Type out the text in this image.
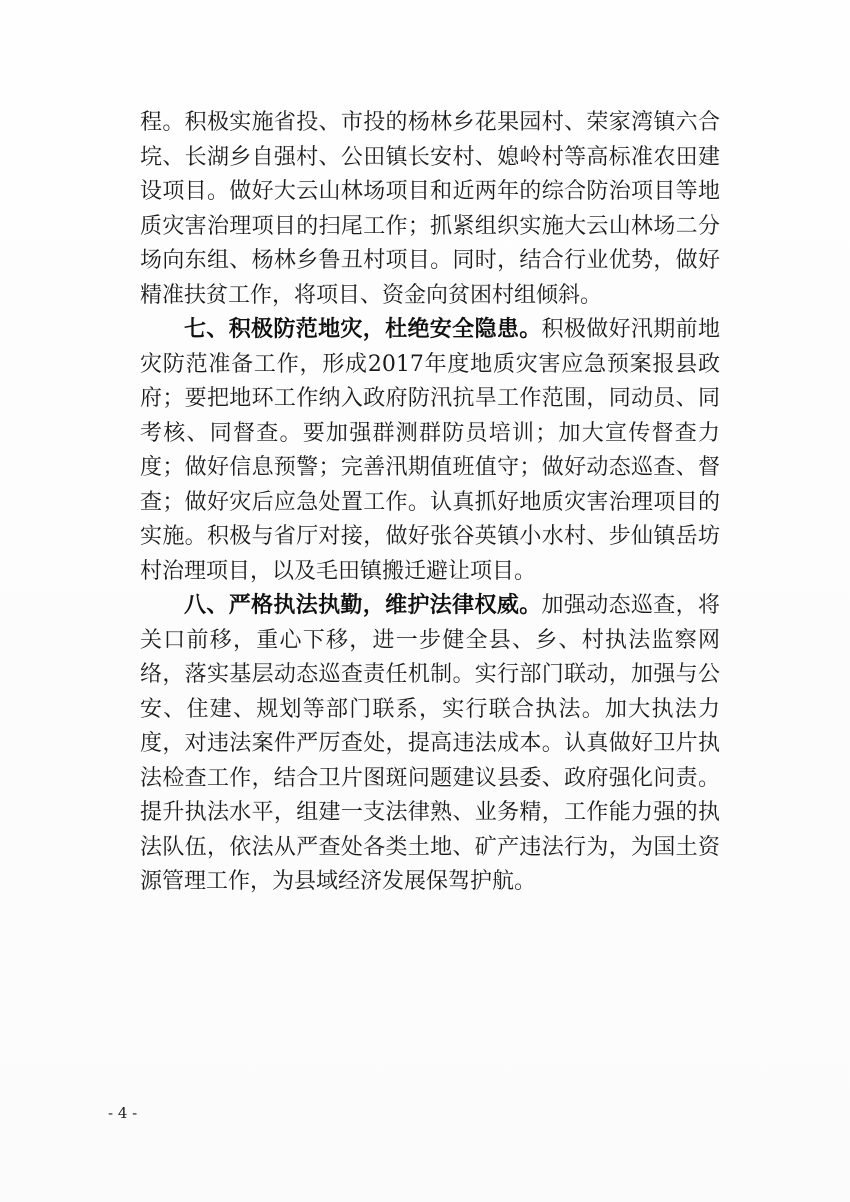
程。积极实施省投、市投的杨林乡花果园村、荣家湾镇六合垸、长湖乡自强村、公田镇长安村、媳岭村等高标准农田建设项目。做好大云山林场项目和近两年的综合防治项目等地质灾害治理项目的扫尾工作；抓紧组织实施大云山林场二分场向东组、杨林乡鲁丑村项目。同时，结合行业优势，做好精准扶贫工作，将项目、资金向贫困村组倾斜。

七、积极防范地灾，杜绝安全隐患。积极做好汛期前地灾防范准备工作，形成2017年度地质灾害应急预案报县政府；要把地环工作纳入政府防汛抗旱工作范围，同动员、同考核、同督查。要加强群测群防员培训；加大宣传督查力度；做好信息预警；完善汛期值班值守；做好动态巡查、督查；做好灾后应急处置工作。认真抓好地质灾害治理项目的实施。积极与省厅对接，做好张谷英镇小水村、步仙镇岳坊村治理项目，以及毛田镇搬迁避让项目。

八、严格执法执勤，维护法律权威。加强动态巡查，将关口前移，重心下移，进一步健全县、乡、村执法监察网络，落实基层动态巡查责任机制。实行部门联动，加强与公安、住建、规划等部门联系，实行联合执法。加大执法力度，对违法案件严厉查处，提高违法成本。认真做好卫片执法检查工作，结合卫片图斑问题建议县委、政府强化问责。提升执法水平，组建一支法律熟、业务精，工作能力强的执法队伍，依法从严查处各类土地、矿产违法行为，为国土资源管理工作，为县域经济发展保驾护航。

- 4 -
